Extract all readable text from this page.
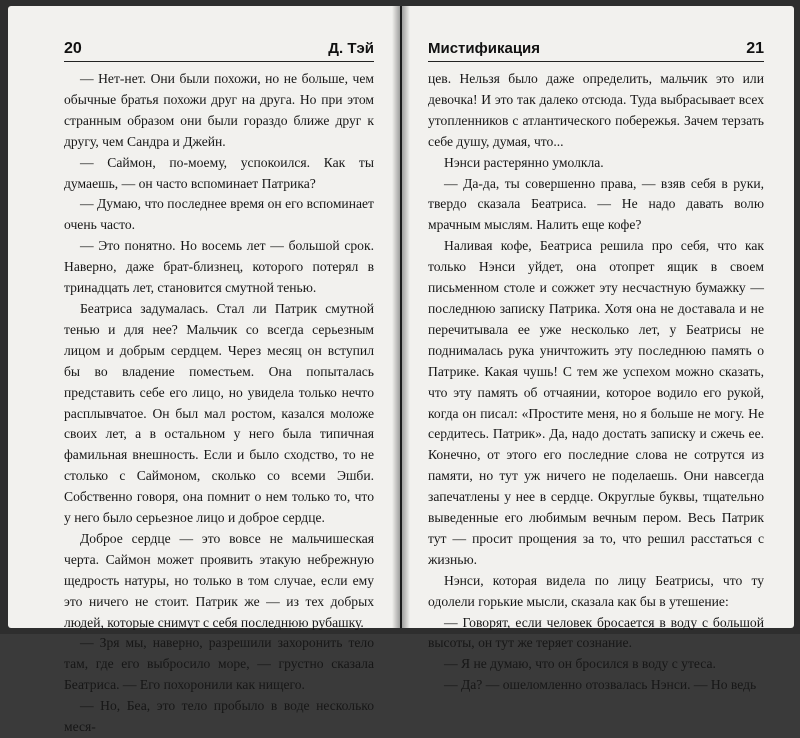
20	Д. Тэй

— Нет-нет. Они были похожи, но не больше, чем обычные братья похожи друг на друга. Но при этом странным образом они были гораздо ближе друг к другу, чем Сандра и Джейн.

— Саймон, по-моему, успокоился. Как ты думаешь, — он часто вспоминает Патрика?

— Думаю, что последнее время он его вспоминает очень часто.

— Это понятно. Но восемь лет — большой срок. Наверно, даже брат-близнец, которого потерял в тринадцать лет, становится смутной тенью.

Беатриса задумалась. Стал ли Патрик смутной тенью и для нее? Мальчик со всегда серьезным лицом и добрым сердцем. Через месяц он вступил бы во владение поместьем. Она попыталась представить себе его лицо, но увидела только нечто расплывчатое. Он был мал ростом, казался моложе своих лет, а в остальном у него была типичная фамильная внешность. Если и было сходство, то не столько с Саймоном, сколько со всеми Эшби. Собственно говоря, она помнит о нем только то, что у него было серьезное лицо и доброе сердце.

Доброе сердце — это вовсе не мальчишеская черта. Саймон может проявить этакую небрежную щедрость натуры, но только в том случае, если ему это ничего не стоит. Патрик же — из тех добрых людей, которые снимут с себя последнюю рубашку.

— Зря мы, наверно, разрешили захоронить тело там, где его выбросило море, — грустно сказала Беатриса. — Его похоронили как нищего.

— Но, Беа, это тело пробыло в воде несколько меся-

Мистификация	21

цев. Нельзя было даже определить, мальчик это или девочка! И это так далеко отсюда. Туда выбрасывает всех утопленников с атлантического побережья. Зачем терзать себе душу, думая, что...

Нэнси растерянно умолкла.

— Да-да, ты совершенно права, — взяв себя в руки, твердо сказала Беатриса. — Не надо давать волю мрачным мыслям. Налить еще кофе?

Наливая кофе, Беатриса решила про себя, что как только Нэнси уйдет, она отопрет ящик в своем письменном столе и сожжет эту несчастную бумажку — последнюю записку Патрика. Хотя она не доставала и не перечитывала ее уже несколько лет, у Беатрисы не поднималась рука уничтожить эту последнюю память о Патрике. Какая чушь! С тем же успехом можно сказать, что эту память об отчаянии, которое водило его рукой, когда он писал: «Простите меня, но я больше не могу. Не сердитесь. Патрик». Да, надо достать записку и сжечь ее. Конечно, от этого его последние слова не сотрутся из памяти, но тут уж ничего не поделаешь. Они навсегда запечатлены у нее в сердце. Округлые буквы, тщательно выведенные его любимым вечным пером. Весь Патрик тут — просит прощения за то, что решил расстаться с жизнью.

Нэнси, которая видела по лицу Беатрисы, что ту одолели горькие мысли, сказала как бы в утешение:

— Говорят, если человек бросается в воду с большой высоты, он тут же теряет сознание.

— Я не думаю, что он бросился в воду с утеса.

— Да? — ошеломленно отозвалась Нэнси. — Но ведь
